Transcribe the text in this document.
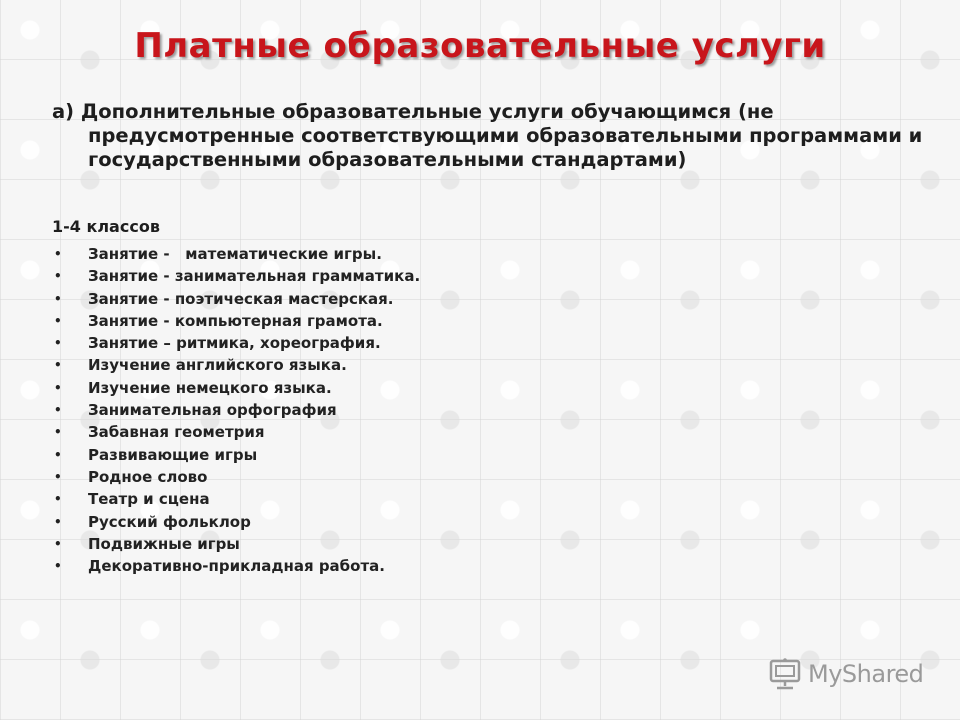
Платные образовательные услуги

а) Дополнительные образовательные услуги обучающимся (не предусмотренные соответствующими образовательными программами и государственными образовательными стандартами)

1-4 классов

• Занятие -   математические игры.
• Занятие - занимательная грамматика.
• Занятие - поэтическая мастерская.
• Занятие - компьютерная грамота.
• Занятие – ритмика, хореография.
• Изучение английского языка.
• Изучение немецкого языка.
• Занимательная орфография
• Забавная геометрия
• Развивающие игры
• Родное слово
• Театр и сцена
• Русский фольклор
• Подвижные игры
• Декоративно-прикладная работа.
MyShared
